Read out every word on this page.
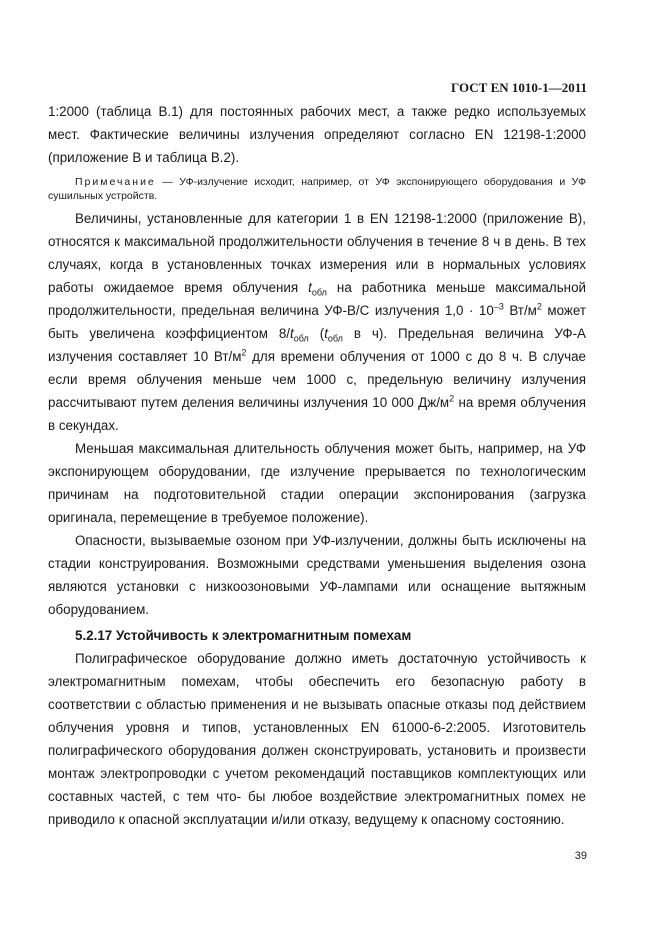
ГОСТ EN 1010-1—2011

1:2000 (таблица В.1) для постоянных рабочих мест, а также редко используемых мест. Фактические величины излучения определяют согласно EN 12198-1:2000 (приложение В и таблица В.2).

Примечание — УФ-излучение исходит, например, от УФ экспонирующего оборудования и УФ сушильных устройств.

Величины, установленные для категории 1 в EN 12198-1:2000 (приложение В), относятся к максимальной продолжительности облучения в течение 8 ч в день. В тех случаях, когда в установленных точках измерения или в нормальных условиях работы ожидаемое время облучения $t_{обл}$ на работника меньше максимальной продолжительности, предельная величина УФ-В/С излучения $1,0 \cdot 10^{-3}$ $Вт/м^2$ может быть увеличена коэффициентом $8/t_{обл}$ ($t_{обл}$ в ч). Предельная величина УФ-А излучения составляет 10 $Вт/м^2$ для времени облучения от 1000 с до 8 ч. В случае если время облучения меньше чем 1000 с, предельную величину излучения рассчитывают путем деления величины излучения 10 000 $Дж/м^2$ на время облучения в секундах.

Меньшая максимальная длительность облучения может быть, например, на УФ экспонирующем оборудовании, где излучение прерывается по технологическим причинам на подготовительной стадии операции экспонирования (загрузка оригинала, перемещение в требуемое положение).

Опасности, вызываемые озоном при УФ-излучении, должны быть исключены на стадии конструирования. Возможными средствами уменьшения выделения озона являются установки с низкоозоновыми УФ-лампами или оснащение вытяжным оборудованием.

5.2.17 Устойчивость к электромагнитным помехам

Полиграфическое оборудование должно иметь достаточную устойчивость к электромагнитным помехам, чтобы обеспечить его безопасную работу в соответствии с областью применения и не вызывать опасные отказы под действием облучения уровня и типов, установленных EN 61000-6-2:2005. Изготовитель полиграфического оборудования должен сконструировать, установить и произвести монтаж электропроводки с учетом рекомендаций поставщиков комплектующих или составных частей, с тем что- бы любое воздействие электромагнитных помех не приводило к опасной эксплуатации и/или отказу, ведущему к опасному состоянию.

39
